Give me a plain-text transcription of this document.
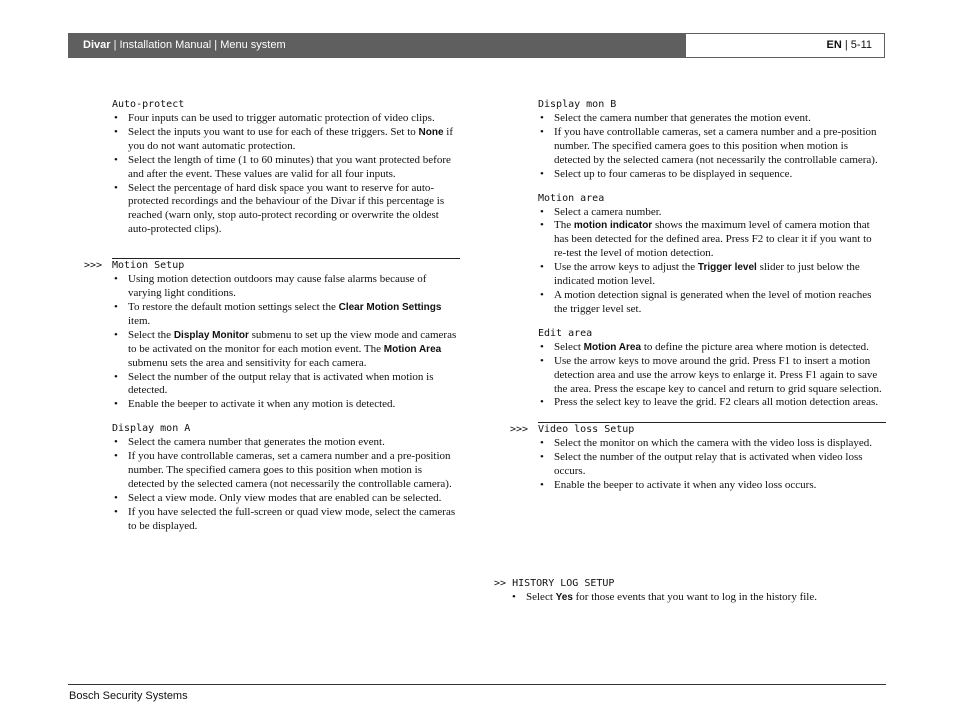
Divar | Installation Manual | Menu system	EN | 5-11
Auto-protect
• Four inputs can be used to trigger automatic protection of video clips.
• Select the inputs you want to use for each of these triggers. Set to None if you do not want automatic protection.
• Select the length of time (1 to 60 minutes) that you want protected before and after the event. These values are valid for all four inputs.
• Select the percentage of hard disk space you want to reserve for auto-protected recordings and the behaviour of the Divar if this percentage is reached (warn only, stop auto-protect recording or overwrite the oldest auto-protected clips).
>>> Motion Setup
• Using motion detection outdoors may cause false alarms because of varying light conditions.
• To restore the default motion settings select the Clear Motion Settings item.
• Select the Display Monitor submenu to set up the view mode and cameras to be activated on the monitor for each motion event. The Motion Area submenu sets the area and sensitivity for each camera.
• Select the number of the output relay that is activated when motion is detected.
• Enable the beeper to activate it when any motion is detected.
Display mon A
• Select the camera number that generates the motion event.
• If you have controllable cameras, set a camera number and a pre-position number. The specified camera goes to this position when motion is detected by the selected camera (not necessarily the controllable camera).
• Select a view mode. Only view modes that are enabled can be selected.
• If you have selected the full-screen or quad view mode, select the cameras to be displayed.
Display mon B
• Select the camera number that generates the motion event.
• If you have controllable cameras, set a camera number and a pre-position number. The specified camera goes to this position when motion is detected by the selected camera (not necessarily the controllable camera).
• Select up to four cameras to be displayed in sequence.
Motion area
• Select a camera number.
• The motion indicator shows the maximum level of camera motion that has been detected for the defined area. Press F2 to clear it if you want to re-test the level of motion detection.
• Use the arrow keys to adjust the Trigger level slider to just below the indicated motion level.
• A motion detection signal is generated when the level of motion reaches the trigger level set.
Edit area
• Select Motion Area to define the picture area where motion is detected.
• Use the arrow keys to move around the grid. Press F1 to insert a motion detection area and use the arrow keys to enlarge it. Press F1 again to save the area. Press the escape key to cancel and return to grid square selection.
• Press the select key to leave the grid. F2 clears all motion detection areas.
>>> Video loss Setup
• Select the monitor on which the camera with the video loss is displayed.
• Select the number of the output relay that is activated when video loss occurs.
• Enable the beeper to activate it when any video loss occurs.
>> HISTORY LOG SETUP
• Select Yes for those events that you want to log in the history file.
Bosch Security Systems
